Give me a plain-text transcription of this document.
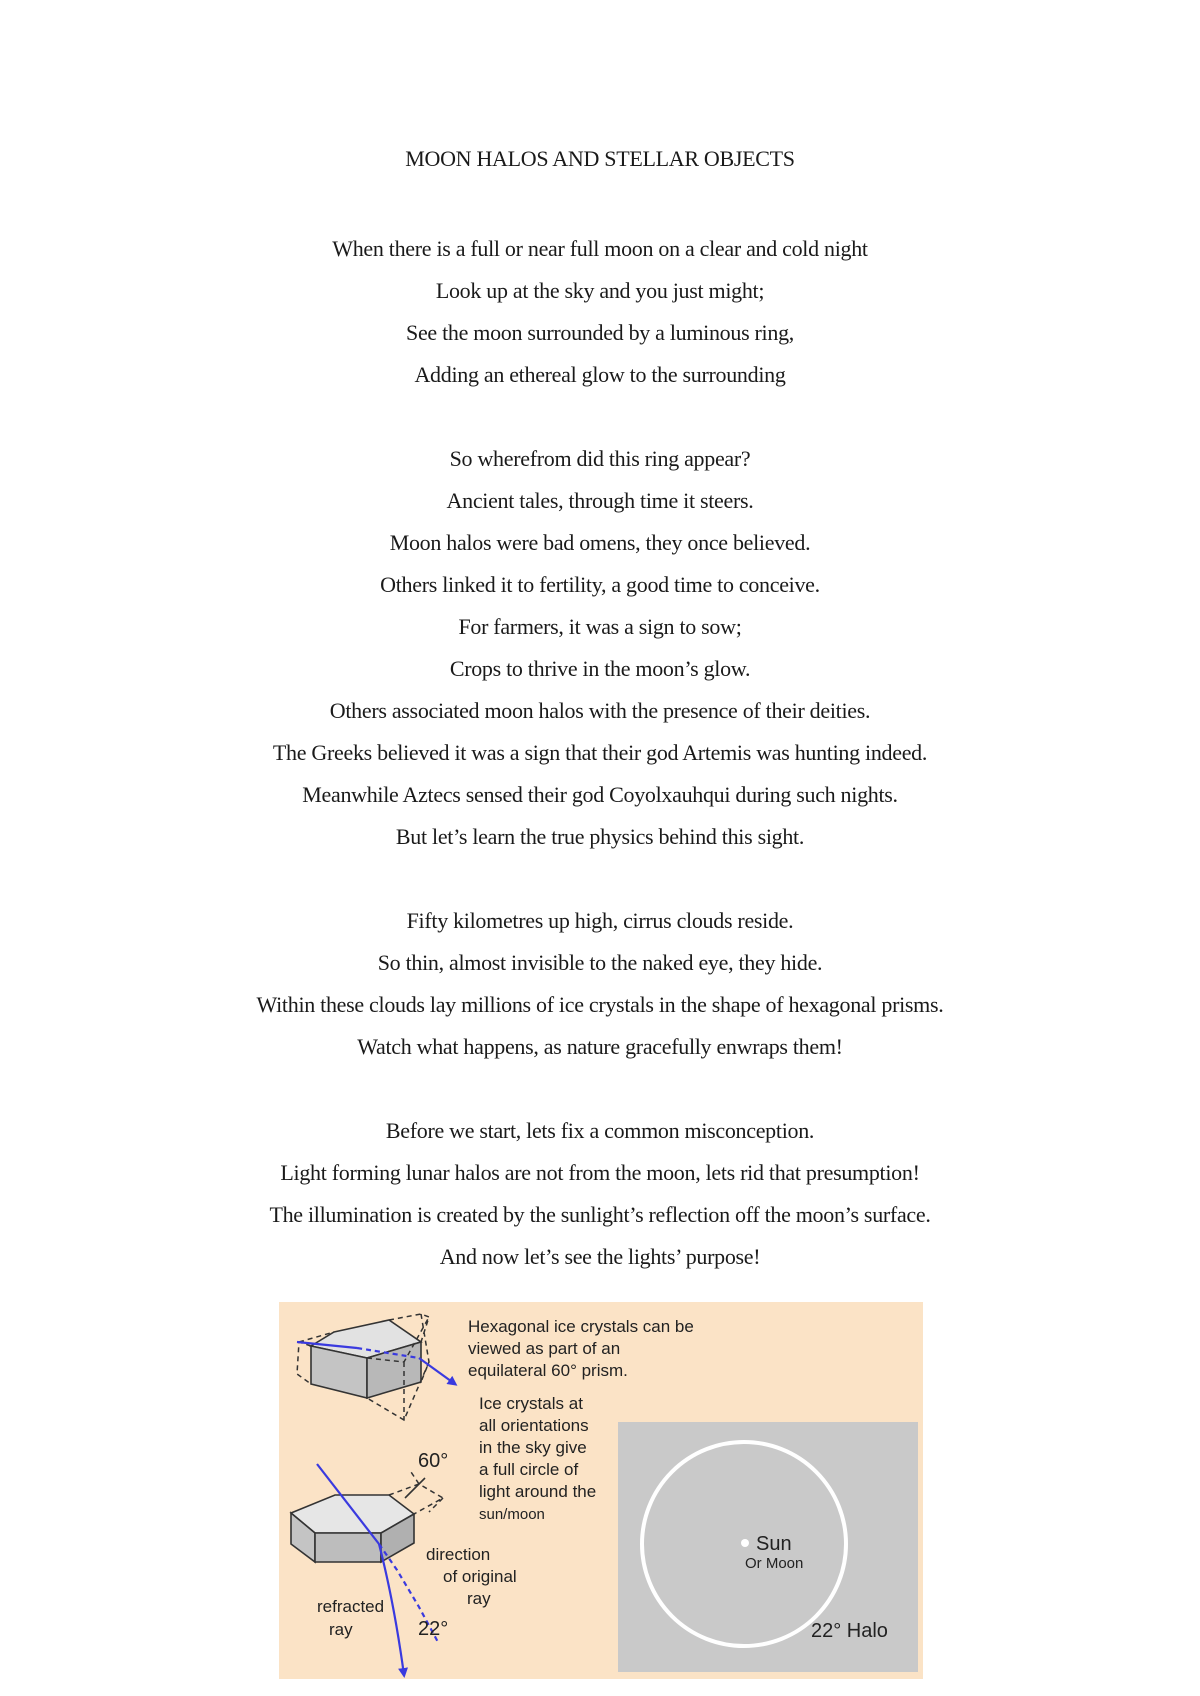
MOON HALOS AND STELLAR OBJECTS
When there is a full or near full moon on a clear and cold night
Look up at the sky and you just might;
See the moon surrounded by a luminous ring,
Adding an ethereal glow to the surrounding
So wherefrom did this ring appear?
Ancient tales, through time it steers.
Moon halos were bad omens, they once believed.
Others linked it to fertility, a good time to conceive.
For farmers, it was a sign to sow;
Crops to thrive in the moon’s glow.
Others associated moon halos with the presence of their deities.
The Greeks believed it was a sign that their god Artemis was hunting indeed.
Meanwhile Aztecs sensed their god Coyolxauhqui during such nights.
But let’s learn the true physics behind this sight.
Fifty kilometres up high, cirrus clouds reside.
So thin, almost invisible to the naked eye, they hide.
Within these clouds lay millions of ice crystals in the shape of hexagonal prisms.
Watch what happens, as nature gracefully enwraps them!
Before we start, lets fix a common misconception.
Light forming lunar halos are not from the moon, lets rid that presumption!
The illumination is created by the sunlight’s reflection off the moon’s surface.
And now let’s see the lights’ purpose!
Hexagonal ice crystals can be viewed as part of an equilateral 60° prism.
Ice crystals at all orientations in the sky give a full circle of light around the sun/moon
Sun
Or Moon
22° Halo
60°
direction of original ray
refracted ray	22°
